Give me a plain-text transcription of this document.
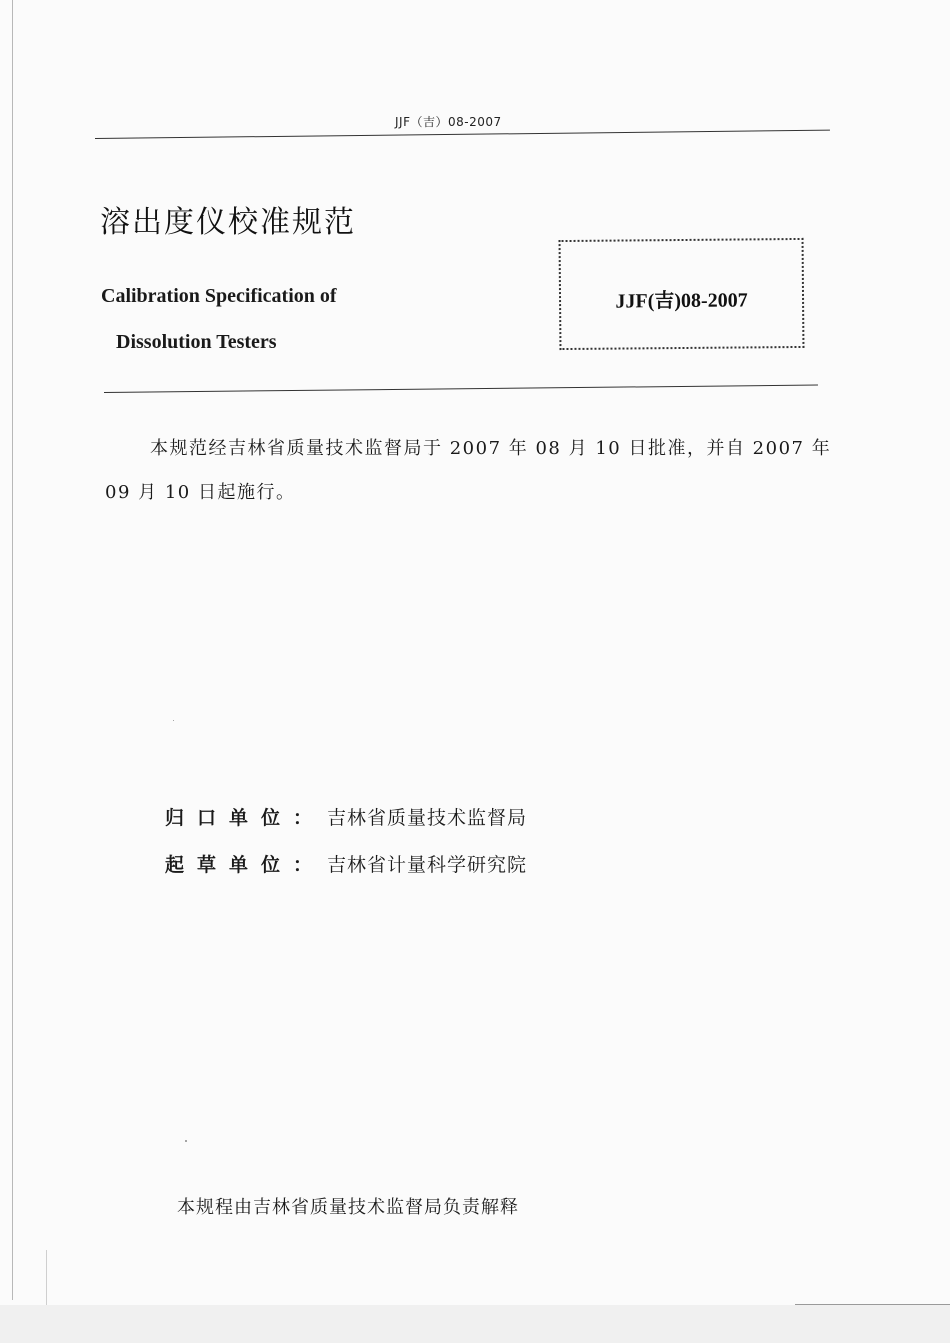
JJF（吉）08-2007
溶出度仪校准规范
Calibration Specification of
Dissolution Testers
JJF(吉)08-2007
本规范经吉林省质量技术监督局于 2007 年 08 月 10 日批准，并自 2007 年 09 月 10 日起施行。
归口单位： 吉林省质量技术监督局
起草单位： 吉林省计量科学研究院
本规程由吉林省质量技术监督局负责解释
